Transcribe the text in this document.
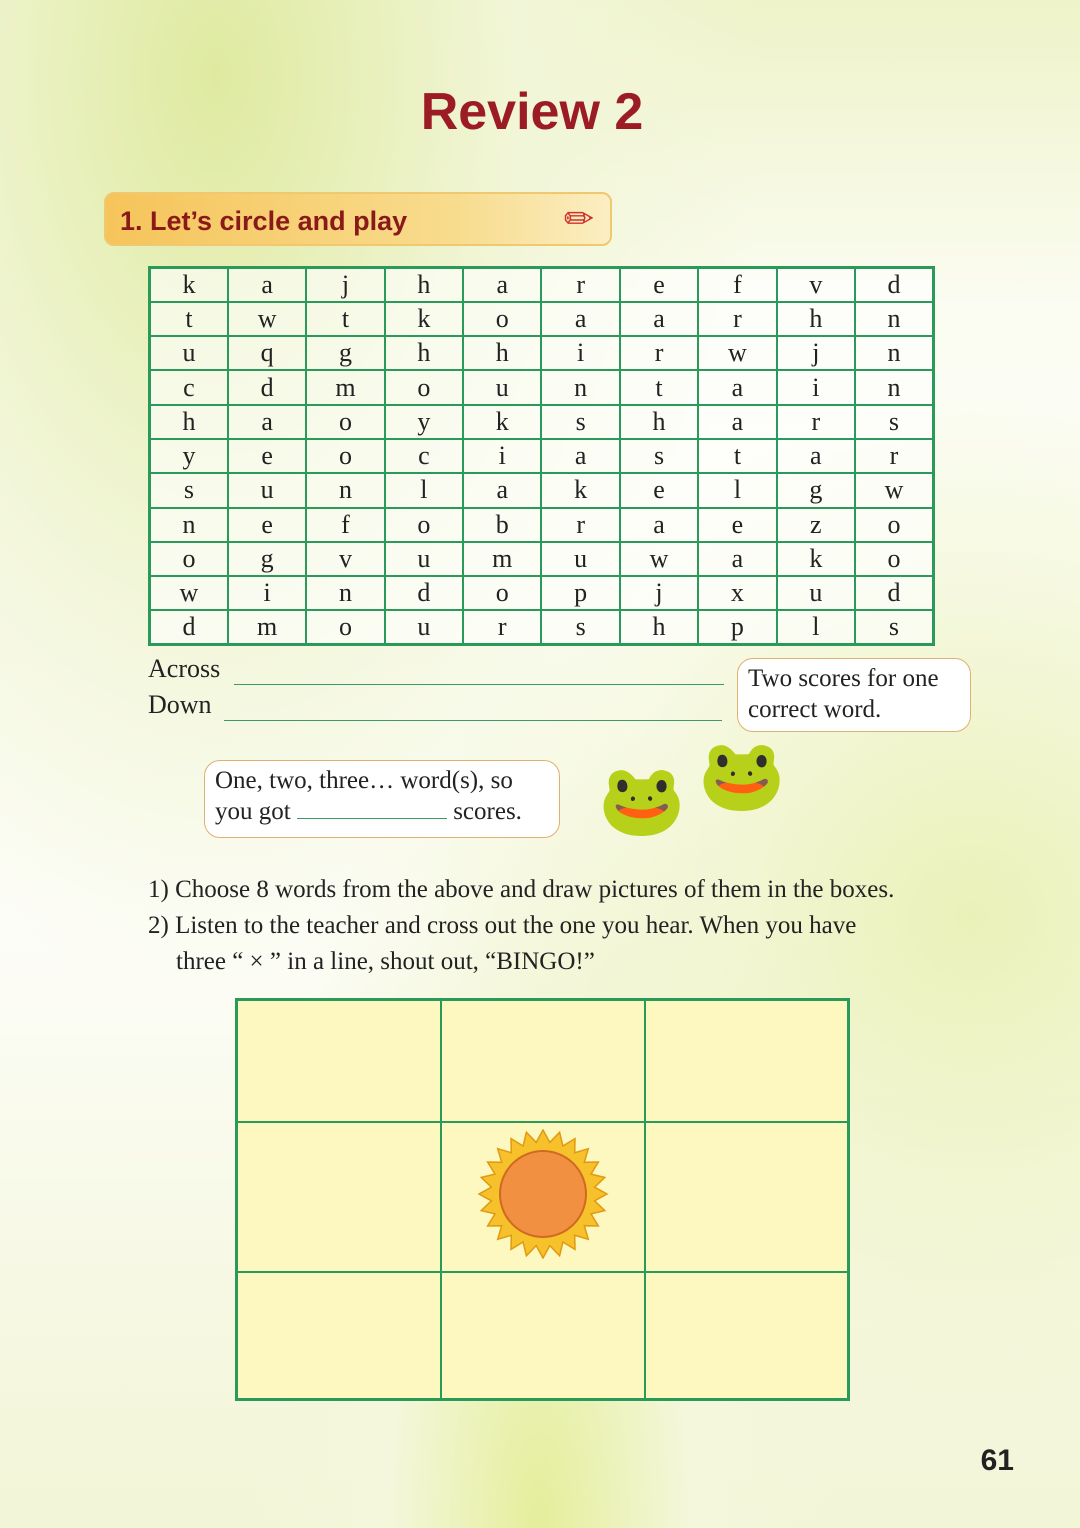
Review 2
1. Let’s circle and play	✏
k	a	j	h	a	r	e	f	v	d
t	w	t	k	o	a	a	r	h	n
u	q	g	h	h	i	r	w	j	n
c	d	m	o	u	n	t	a	i	n
h	a	o	y	k	s	h	a	r	s
y	e	o	c	i	a	s	t	a	r
s	u	n	l	a	k	e	l	g	w
n	e	f	o	b	r	a	e	z	o
o	g	v	u	m	u	w	a	k	o
w	i	n	d	o	p	j	x	u	d
d	m	o	u	r	s	h	p	l	s
Across
Down
Two scores for one
correct word.
One, two, three… word(s), so
you got	scores.	🐸 🐸
1) Choose 8 words from the above and draw pictures of them in the boxes.
2) Listen to the teacher and cross out the one you hear. When you have
three “ × ” in a line, shout out, “BINGO!”

61
